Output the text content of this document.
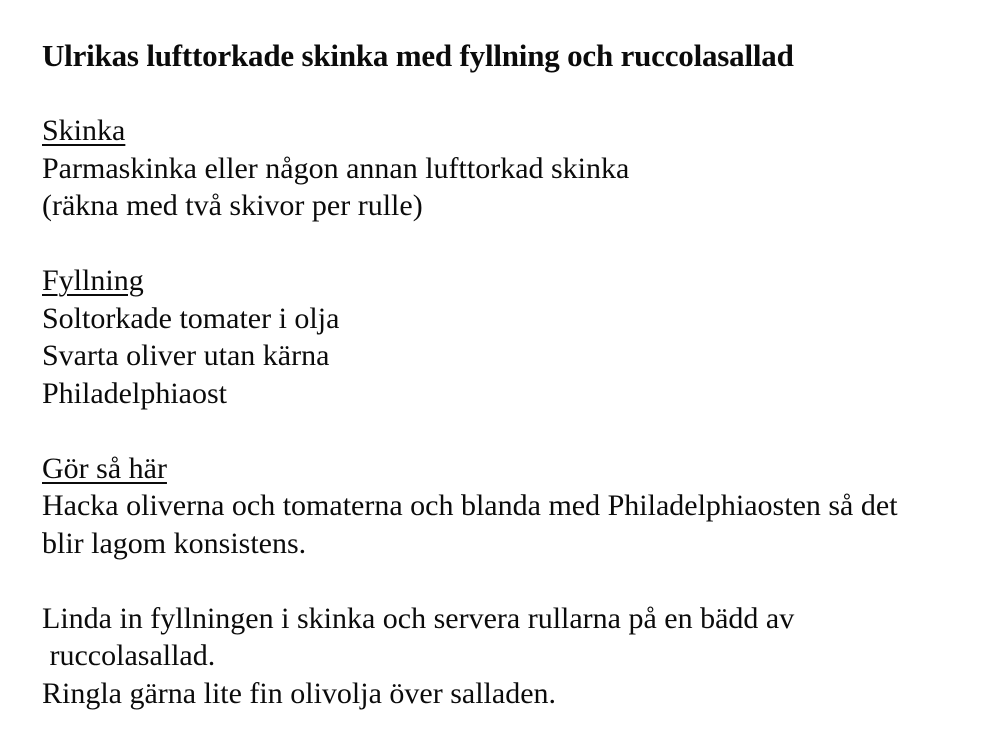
Ulrikas lufttorkade skinka med fyllning och ruccolasallad
Skinka
Parmaskinka eller någon annan lufttorkad skinka
(räkna med två skivor per rulle)
Fyllning
Soltorkade tomater i olja
Svarta oliver utan kärna
Philadelphiaost
Gör så här
Hacka oliverna och tomaterna och blanda med Philadelphiaosten så det
blir lagom konsistens.
Linda in fyllningen i skinka och servera rullarna på en bädd av
ruccolasallad.
Ringla gärna lite fin olivolja över salladen.
